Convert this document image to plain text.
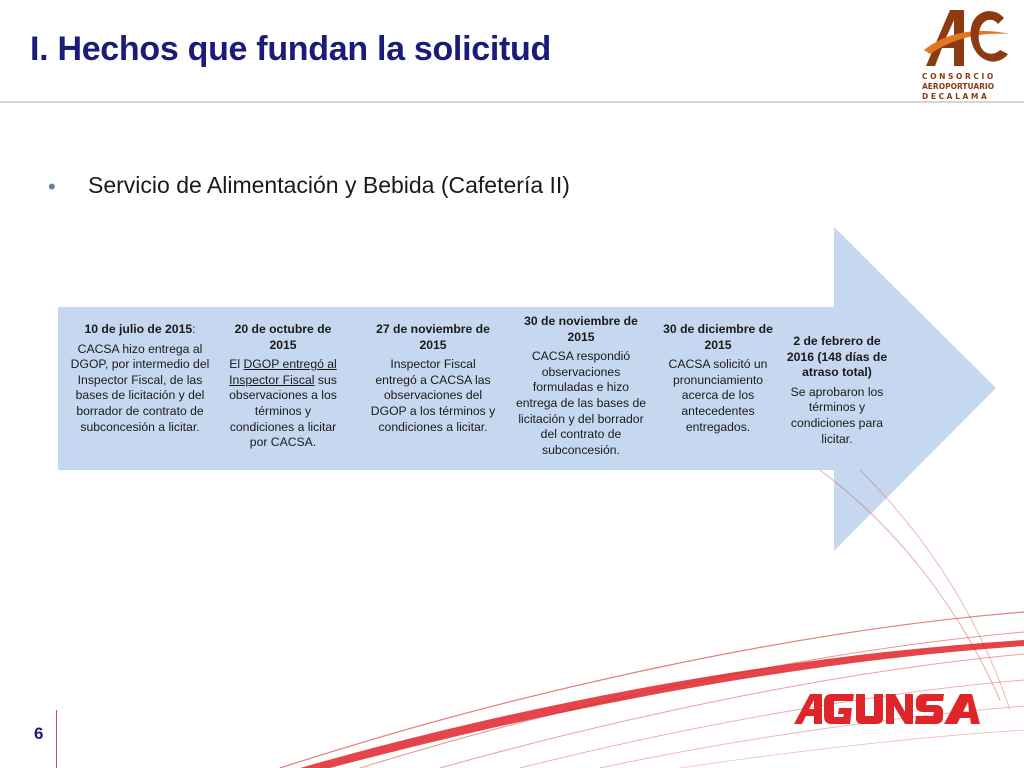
I. Hechos que fundan la solicitud
C O N S O R C I O
AEROPORTUARIO
D E C A L A M A
• Servicio de Alimentación y Bebida (Cafetería II)
10 de julio de 2015:
CACSA hizo entrega al DGOP, por intermedio del Inspector Fiscal, de las bases de licitación y del borrador de contrato de subconcesión a licitar.
20 de octubre de 2015
El DGOP entregó al Inspector Fiscal sus observaciones a los términos y condiciones a licitar por CACSA.
27 de noviembre de 2015
Inspector Fiscal entregó a CACSA las observaciones del DGOP a los términos y condiciones a licitar.
30 de noviembre de 2015
CACSA respondió observaciones formuladas e hizo entrega de las bases de licitación y del borrador del contrato de subconcesión.
30 de diciembre de 2015
CACSA solicitó un pronunciamiento acerca de los antecedentes entregados.
2 de febrero de 2016 (148 días de atraso total)
Se aprobaron los términos y condiciones para licitar.
6
